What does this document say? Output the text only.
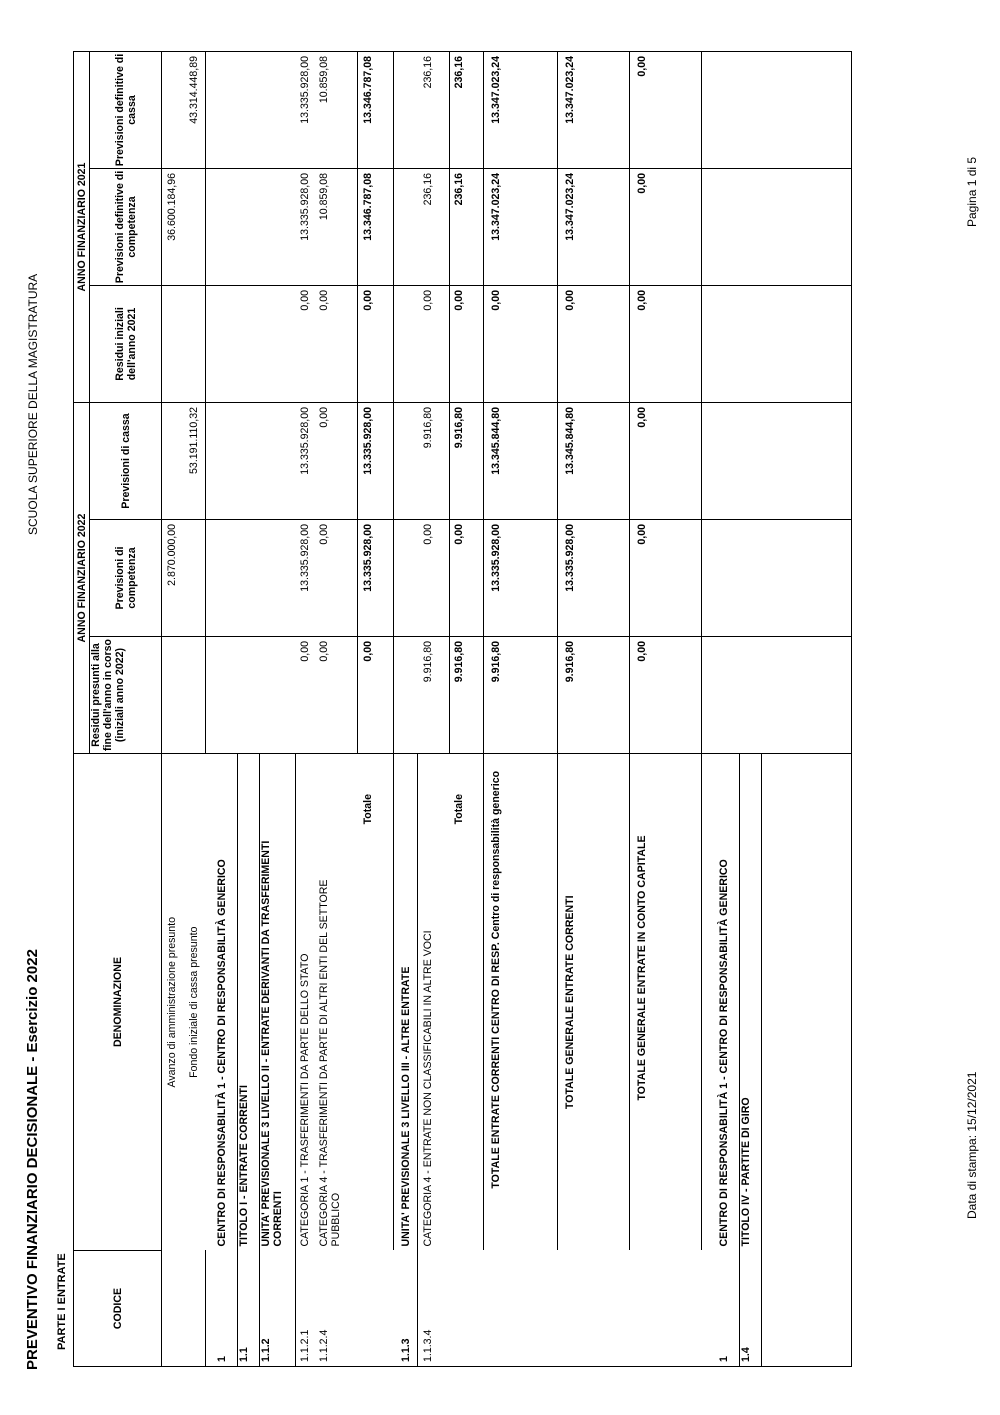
PREVENTIVO FINANZIARIO DECISIONALE - Esercizio 2022
SCUOLA SUPERIORE DELLA MAGISTRATURA
PARTE I ENTRATE	CODICE	DENOMINAZIONE	ANNO FINANZIARIO 2022			ANNO FINANZIARIO 2021		
		Residui presunti alla fine dell'anno in corso (iniziali anno 2022)	Previsioni di competenza	Previsioni di cassa	Residui iniziali dell'anno 2021	Previsioni definitive di competenza	Previsioni definitive di cassa
	Avanzo di amministrazione presunto		2.870.000,00			36.600.184,96	
	Fondo iniziale di cassa presunto			53.191.110,32			43.314.448,89

1	CENTRO DI RESPONSABILITÀ 1 - CENTRO DI RESPONSABILITÀ GENERICO						
1.1	TITOLO I - ENTRATE CORRENTI						
1.1.2	UNITA' PREVISIONALE 3 LIVELLO II - ENTRATE DERIVANTI DA TRASFERIMENTI CORRENTI						
1.1.2.1	CATEGORIA 1 - TRASFERIMENTI DA PARTE DELLO STATO	0,00	13.335.928,00	13.335.928,00	0,00	13.335.928,00	13.335.928,00
1.1.2.4	CATEGORIA 4 - TRASFERIMENTI DA PARTE DI ALTRI ENTI DEL SETTORE PUBBLICO	0,00	0,00	0,00	0,00	10.859,08	10.859,08
	Totale	0,00	13.335.928,00	13.335.928,00	0,00	13.346.787,08	13.346.787,08
1.1.3	UNITA' PREVISIONALE 3 LIVELLO III - ALTRE ENTRATE						
1.1.3.4	CATEGORIA 4 - ENTRATE NON CLASSIFICABILI IN ALTRE VOCI	9.916,80	0,00	9.916,80	0,00	236,16	236,16
	Totale	9.916,80	0,00	9.916,80	0,00	236,16	236,16
	TOTALE ENTRATE CORRENTI CENTRO DI RESP. Centro di responsabilità generico	9.916,80	13.335.928,00	13.345.844,80	0,00	13.347.023,24	13.347.023,24
	TOTALE GENERALE ENTRATE CORRENTI	9.916,80	13.335.928,00	13.345.844,80	0,00	13.347.023,24	13.347.023,24
	TOTALE GENERALE ENTRATE IN CONTO CAPITALE	0,00	0,00	0,00	0,00	0,00	0,00

1	CENTRO DI RESPONSABILITÀ 1 - CENTRO DI RESPONSABILITÀ GENERICO						
1.4	TITOLO IV - PARTITE DI GIRO						
								Data di stampa: 15/12/2021
Pagina 1 di 5
